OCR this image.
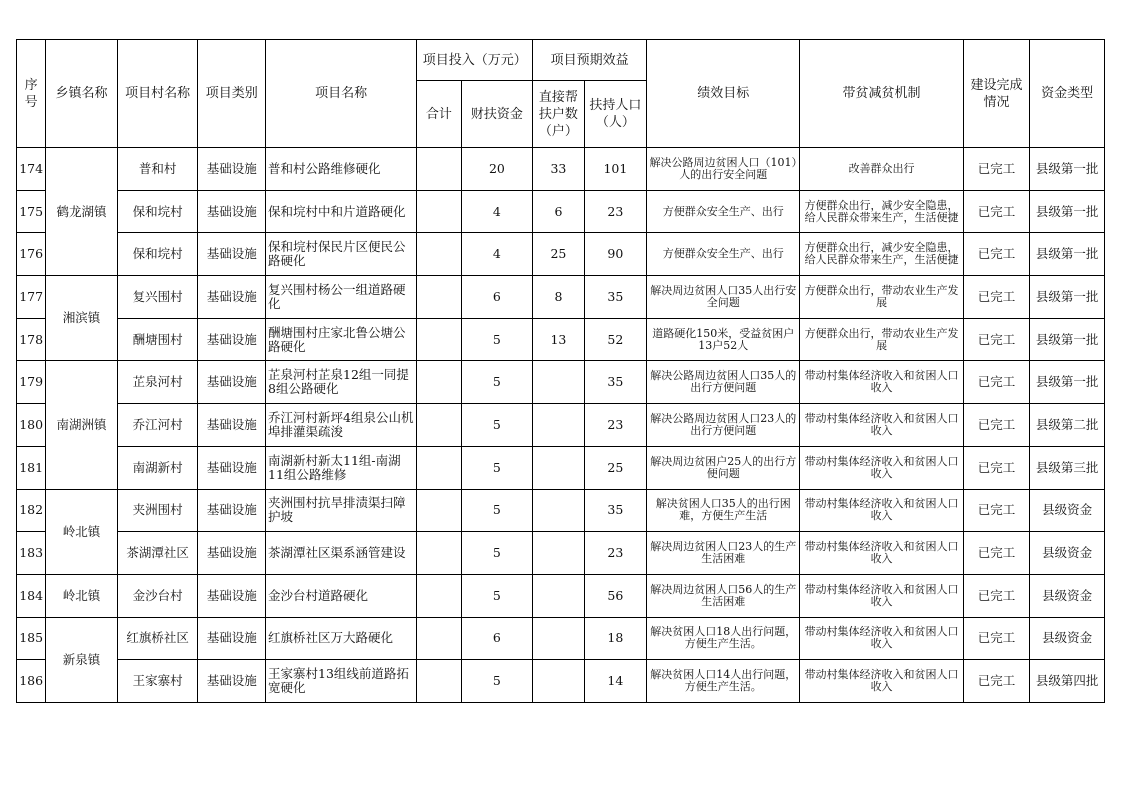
序号	乡镇名称	项目村名称	项目类别	项目名称	项目投入（万元）		项目预期效益		绩效目标	带贫减贫机制	建设完成情况	资金类型
					合计	财扶资金	直接帮扶户数（户）	扶持人口（人）				
174	鹤龙湖镇	普和村	基础设施	普和村公路维修硬化		20	33	101	解决公路周边贫困人口（101）人的出行安全问题	改善群众出行	已完工	县级第一批
175		保和垸村	基础设施	保和垸村中和片道路硬化		4	6	23	方便群众安全生产、出行	方便群众出行，减少安全隐患，给人民群众带来生产，生活便捷	已完工	县级第一批
176		保和垸村	基础设施	保和垸村保民片区便民公路硬化		4	25	90	方便群众安全生产、出行	方便群众出行，减少安全隐患，给人民群众带来生产，生活便捷	已完工	县级第一批
177	湘滨镇	复兴围村	基础设施	复兴围村杨公一组道路硬化		6	8	35	解决周边贫困人口35人出行安全问题	方便群众出行，带动农业生产发展	已完工	县级第一批
178		酬塘围村	基础设施	酬塘围村庄家北鲁公塘公路硬化		5	13	52	道路硬化150米，受益贫困户13户52人	方便群众出行，带动农业生产发展	已完工	县级第一批
179	南湖洲镇	芷泉河村	基础设施	芷泉河村芷泉12组一同提8组公路硬化		5		35	解决公路周边贫困人口35人的出行方便问题	带动村集体经济收入和贫困人口收入	已完工	县级第一批
180		乔江河村	基础设施	乔江河村新坪4组泉公山机埠排灌渠疏浚		5		23	解决公路周边贫困人口23人的出行方便问题	带动村集体经济收入和贫困人口收入	已完工	县级第二批
181		南湖新村	基础设施	南湖新村新太11组-南湖11组公路维修		5		25	解决周边贫困户25人的出行方便问题	带动村集体经济收入和贫困人口收入	已完工	县级第三批
182	岭北镇	夹洲围村	基础设施	夹洲围村抗旱排渍渠扫障护坡		5		35	解决贫困人口35人的出行困难，方便生产生活	带动村集体经济收入和贫困人口收入	已完工	县级资金
183		茶湖潭社区	基础设施	茶湖潭社区渠系涵管建设		5		23	解决周边贫困人口23人的生产生活困难	带动村集体经济收入和贫困人口收入	已完工	县级资金
184	岭北镇	金沙台村	基础设施	金沙台村道路硬化		5		56	解决周边贫困人口56人的生产生活困难	带动村集体经济收入和贫困人口收入	已完工	县级资金
185	新泉镇	红旗桥社区	基础设施	红旗桥社区万大路硬化		6		18	解决贫困人口18人出行问题，方便生产生活。	带动村集体经济收入和贫困人口收入	已完工	县级资金
186		王家寨村	基础设施	王家寨村13组线前道路拓宽硬化		5		14	解决贫困人口14人出行问题，方便生产生活。	带动村集体经济收入和贫困人口收入	已完工	县级第四批
